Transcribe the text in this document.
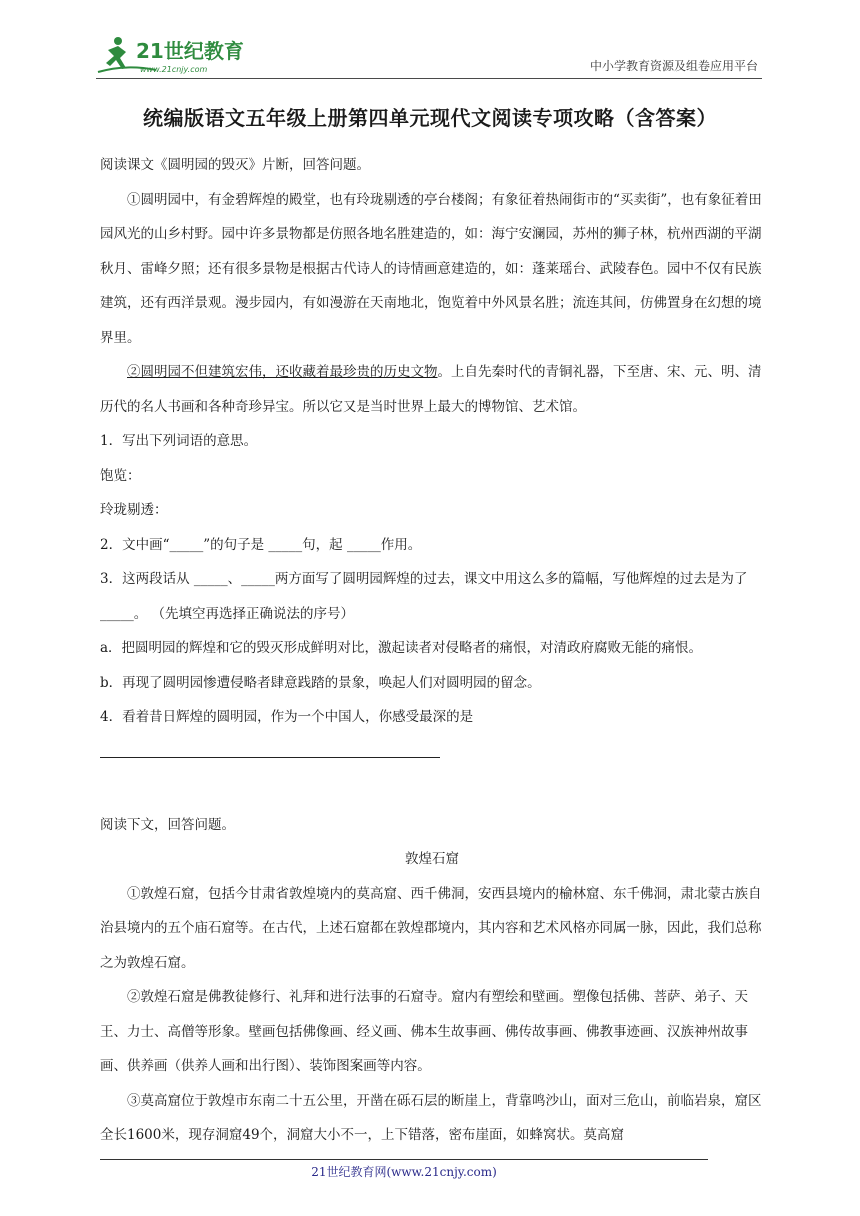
21世纪教育
www.21cnjy.com	中小学教育资源及组卷应用平台
统编版语文五年级上册第四单元现代文阅读专项攻略（含答案）

阅读课文《圆明园的毁灭》片断，回答问题。

①圆明园中，有金碧辉煌的殿堂，也有玲珑剔透的亭台楼阁；有象征着热闹街市的“买卖街”，也有象征着田园风光的山乡村野。园中许多景物都是仿照各地名胜建造的，如：海宁安澜园，苏州的狮子林，杭州西湖的平湖秋月、雷峰夕照；还有很多景物是根据古代诗人的诗情画意建造的，如：蓬莱瑶台、武陵春色。园中不仅有民族建筑，还有西洋景观。漫步园内，有如漫游在天南地北，饱览着中外风景名胜；流连其间，仿佛置身在幻想的境界里。

②圆明园不但建筑宏伟，还收藏着最珍贵的历史文物。上自先秦时代的青铜礼器，下至唐、宋、元、明、清历代的名人书画和各种奇珍异宝。所以它又是当时世界上最大的博物馆、艺术馆。

1．写出下列词语的意思。

饱览：

玲珑剔透：

2．文中画“_____”的句子是 _____句，起 _____作用。

3．这两段话从 _____、_____两方面写了圆明园辉煌的过去，课文中用这么多的篇幅，写他辉煌的过去是为了 _____。 （先填空再选择正确说法的序号）

a．把圆明园的辉煌和它的毁灭形成鲜明对比，激起读者对侵略者的痛恨，对清政府腐败无能的痛恨。

b．再现了圆明园惨遭侵略者肆意践踏的景象，唤起人们对圆明园的留念。

4．看着昔日辉煌的圆明园，作为一个中国人，你感受最深的是

阅读下文，回答问题。

敦煌石窟

①敦煌石窟，包括今甘肃省敦煌境内的莫高窟、西千佛洞，安西县境内的榆林窟、东千佛洞，肃北蒙古族自治县境内的五个庙石窟等。在古代，上述石窟都在敦煌郡境内，其内容和艺术风格亦同属一脉，因此，我们总称之为敦煌石窟。

②敦煌石窟是佛教徒修行、礼拜和进行法事的石窟寺。窟内有塑绘和壁画。塑像包括佛、菩萨、弟子、天王、力士、高僧等形象。壁画包括佛像画、经义画、佛本生故事画、佛传故事画、佛教事迹画、汉族神州故事画、供养画（供养人画和出行图）、装饰图案画等内容。

③莫高窟位于敦煌市东南二十五公里，开凿在砾石层的断崖上，背靠鸣沙山，面对三危山，前临岩泉，窟区全长1600米，现存洞窟49个，洞窟大小不一，上下错落，密布崖面，如蜂窝状。莫高窟

21世纪教育网(www.21cnjy.com)
